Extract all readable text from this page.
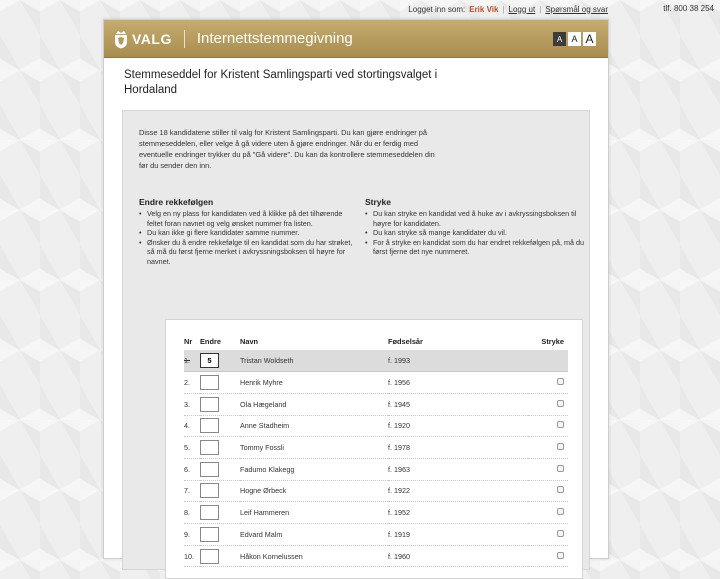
Logget inn som: Erik Vik | Logg ut | Spørsmål og svar	tlf. 800 38 254
VALG Internettstemmegivning	A	A A
Stemmeseddel for Kristent Samlingsparti ved stortingsvalget i Hordaland
Disse 18 kandidatene stiller til valg for Kristent Samlingsparti. Du kan gjøre endringer på stemmeseddelen, eller velge å gå videre uten å gjøre endringer. Når du er ferdig med eventuelle endringer trykker du på "Gå videre". Du kan da kontrollere stemmeseddelen din før du sender den inn.
Endre rekkefølgen
• Velg en ny plass for kandidaten ved å klikke på det tilhørende feltet foran navnet og velg ønsket nummer fra listen.
• Du kan ikke gi flere kandidater samme nummer.
• Ønsker du å endre rekkefølge til en kandidat som du har strøket, så må du først fjerne merket i avkryssningsboksen til høyre for navnet.
Stryke
• Du kan stryke en kandidat ved å huke av i avkryssingsboksen til høyre for kandidaten.
• Du kan stryke så mange kandidater du vil.
• For å stryke en kandidat som du har endret rekkefølgen på, må du først fjerne det nye nummeret.
Nr	Endre	Navn	Fødselsår	Stryke
1.	5	Tristan Woldseth	f. 1993	
2.		Henrik Myhre	f. 1956	
3.		Ola Hægeland	f. 1945	
4.		Anne Stadheim	f. 1920	
5.		Tommy Fossli	f. 1978	
6.		Fadumo Klakegg	f. 1963	
7.		Hogne Ørbeck	f. 1922	
8.		Leif Hammeren	f. 1952	
9.		Edvard Malm	f. 1919	
10.		Håkon Kornelussen	f. 1960	
